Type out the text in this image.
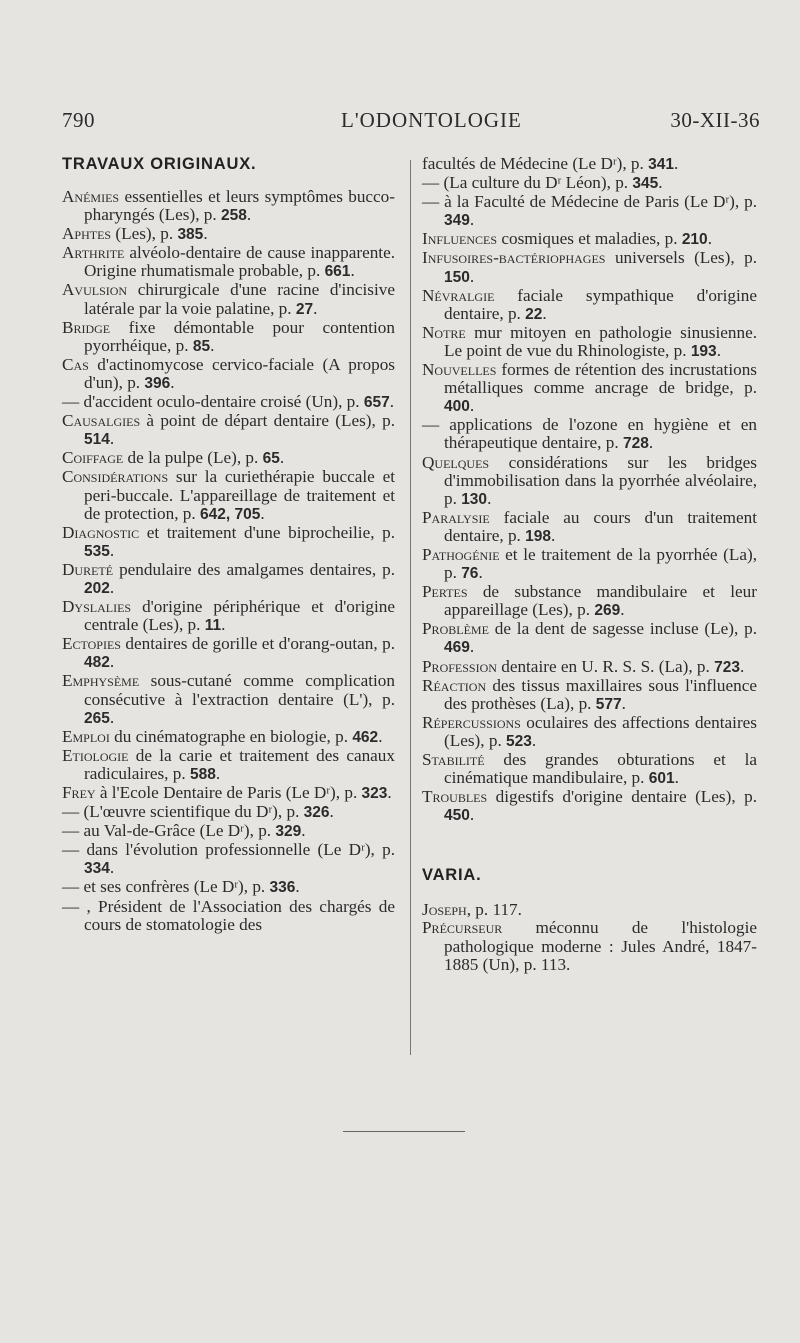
790	L'ODONTOLOGIE	30-XII-36
TRAVAUX ORIGINAUX.

Anémies essentielles et leurs symptômes bucco-pharyngés (Les), p. 258.

Aphtes (Les), p. 385.

Arthrite alvéolo-dentaire de cause inapparente. Origine rhumatismale probable, p. 661.

Avulsion chirurgicale d'une racine d'incisive latérale par la voie palatine, p. 27.

Bridge fixe démontable pour contention pyorrhéique, p. 85.

Cas d'actinomycose cervico-faciale (A propos d'un), p. 396.

— d'accident oculo-dentaire croisé (Un), p. 657.

Causalgies à point de départ dentaire (Les), p. 514.

Coiffage de la pulpe (Le), p. 65.

Considérations sur la curiethérapie buccale et peri-buccale. L'appareillage de traitement et de protection, p. 642, 705.

Diagnostic et traitement d'une biprocheilie, p. 535.

Dureté pendulaire des amalgames dentaires, p. 202.

Dyslalies d'origine périphérique et d'origine centrale (Les), p. 11.

Ectopies dentaires de gorille et d'orang-outan, p. 482.

Emphysème sous-cutané comme complication consécutive à l'extraction dentaire (L'), p. 265.

Emploi du cinématographe en biologie, p. 462.

Etiologie de la carie et traitement des canaux radiculaires, p. 588.

Frey à l'Ecole Dentaire de Paris (Le Dʳ), p. 323.

— (L'œuvre scientifique du Dʳ), p. 326.

— au Val-de-Grâce (Le Dʳ), p. 329.

— dans l'évolution professionnelle (Le Dʳ), p. 334.

— et ses confrères (Le Dʳ), p. 336.

— , Président de l'Association des chargés de cours de stomatologie des

facultés de Médecine (Le Dʳ), p. 341.

— (La culture du Dʳ Léon), p. 345.

— à la Faculté de Médecine de Paris (Le Dʳ), p. 349.

Influences cosmiques et maladies, p. 210.

Infusoires-bactériophages universels (Les), p. 150.

Névralgie faciale sympathique d'origine dentaire, p. 22.

Notre mur mitoyen en pathologie sinusienne. Le point de vue du Rhinologiste, p. 193.

Nouvelles formes de rétention des incrustations métalliques comme ancrage de bridge, p. 400.

— applications de l'ozone en hygiène et en thérapeutique dentaire, p. 728.

Quelques considérations sur les bridges d'immobilisation dans la pyorrhée alvéolaire, p. 130.

Paralysie faciale au cours d'un traitement dentaire, p. 198.

Pathogénie et le traitement de la pyorrhée (La), p. 76.

Pertes de substance mandibulaire et leur appareillage (Les), p. 269.

Problème de la dent de sagesse incluse (Le), p. 469.

Profession dentaire en U. R. S. S. (La), p. 723.

Réaction des tissus maxillaires sous l'influence des prothèses (La), p. 577.

Répercussions oculaires des affections dentaires (Les), p. 523.

Stabilité des grandes obturations et la cinématique mandibulaire, p. 601.

Troubles digestifs d'origine dentaire (Les), p. 450.

VARIA.

Joseph, p. 117.

Précurseur méconnu de l'histologie pathologique moderne : Jules André, 1847-1885 (Un), p. 113.
